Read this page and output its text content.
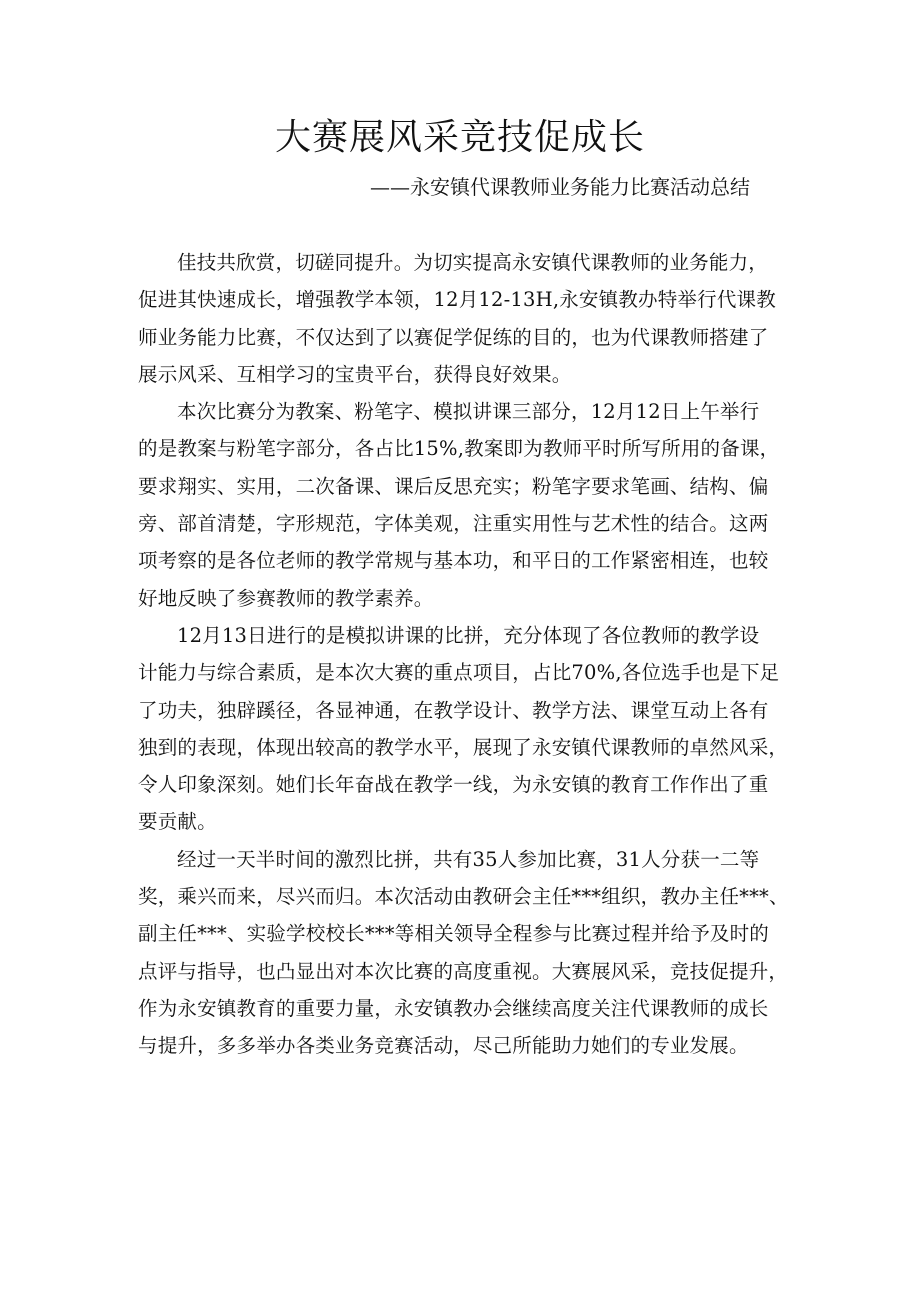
大赛展风采竞技促成长

——永安镇代课教师业务能力比赛活动总结

佳技共欣赏，切磋同提升。为切实提高永安镇代课教师的业务能力，
促进其快速成长，增强教学本领，12月12-13H,永安镇教办特举行代课教
师业务能力比赛，不仅达到了以赛促学促练的目的，也为代课教师搭建了
展示风采、互相学习的宝贵平台，获得良好效果。

本次比赛分为教案、粉笔字、模拟讲课三部分，12月12日上午举行
的是教案与粉笔字部分，各占比15%,教案即为教师平时所写所用的备课，
要求翔实、实用，二次备课、课后反思充实；粉笔字要求笔画、结构、偏
旁、部首清楚，字形规范，字体美观，注重实用性与艺术性的结合。这两
项考察的是各位老师的教学常规与基本功，和平日的工作紧密相连，也较
好地反映了参赛教师的教学素养。

12月13日进行的是模拟讲课的比拼，充分体现了各位教师的教学设
计能力与综合素质，是本次大赛的重点项目，占比70%,各位选手也是下足
了功夫，独辟蹊径，各显神通，在教学设计、教学方法、课堂互动上各有
独到的表现，体现出较高的教学水平，展现了永安镇代课教师的卓然风采，
令人印象深刻。她们长年奋战在教学一线，为永安镇的教育工作作出了重
要贡献。

经过一天半时间的激烈比拼，共有35人参加比赛，31人分获一二等
奖，乘兴而来，尽兴而归。本次活动由教研会主任***组织，教办主任***、
副主任***、实验学校校长***等相关领导全程参与比赛过程并给予及时的
点评与指导，也凸显出对本次比赛的高度重视。大赛展风采，竞技促提升，
作为永安镇教育的重要力量，永安镇教办会继续高度关注代课教师的成长
与提升，多多举办各类业务竞赛活动，尽己所能助力她们的专业发展。
